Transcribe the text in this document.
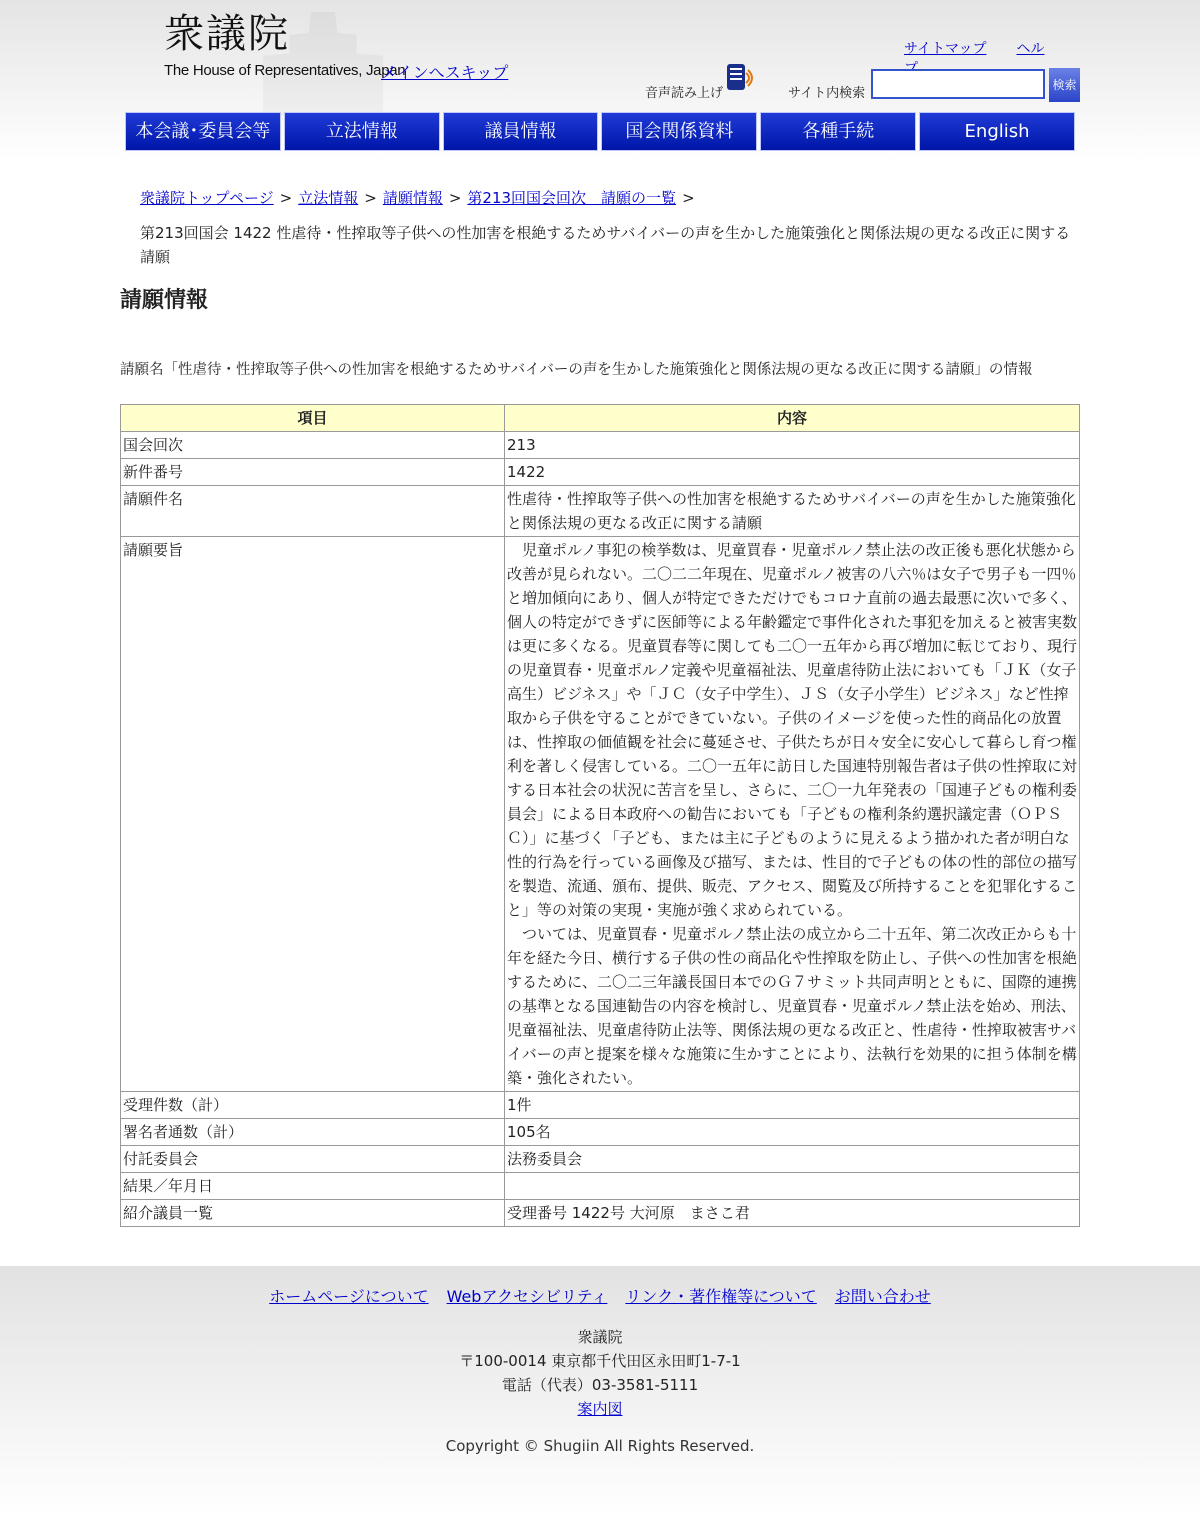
衆議院
The House of Representatives, Japan
メインへスキップ
サイトマップ ヘル
音声読み上げ	サイト内検索
検索
本会議･委員会等	立法情報	議員情報	国会関係資料	各種手続	English
衆議院トップページ > 立法情報 > 請願情報 > 第213回国会回次　請願の一覧 >
第213回国会 1422 性虐待・性搾取等子供への性加害を根絶するためサバイバーの声を生かした施策強化と関係法規の更なる改正に関する請願
請願情報
請願名「性虐待・性搾取等子供への性加害を根絶するためサバイバーの声を生かした施策強化と関係法規の更なる改正に関する請願」の情報
項目	内容
国会回次	213
新件番号	1422
請願件名	性虐待・性搾取等子供への性加害を根絶するためサバイバーの声を生かした施策強化と関係法規の更なる改正に関する請願
請願要旨	　児童ポルノ事犯の検挙数は、児童買春・児童ポルノ禁止法の改正後も悪化状態から改善が見られない。二〇二二年現在、児童ポルノ被害の八六％は女子で男子も一四％と増加傾向にあり、個人が特定できただけでもコロナ直前の過去最悪に次いで多く、個人の特定ができずに医師等による年齢鑑定で事件化された事犯を加えると被害実数は更に多くなる。児童買春等に関しても二〇一五年から再び増加に転じており、現行の児童買春・児童ポルノ定義や児童福祉法、児童虐待防止法においても「ＪＫ（女子高生）ビジネス」や「ＪＣ（女子中学生）、ＪＳ（女子小学生）ビジネス」など性搾取から子供を守ることができていない。子供のイメージを使った性的商品化の放置は、性搾取の価値観を社会に蔓延させ、子供たちが日々安全に安心して暮らし育つ権利を著しく侵害している。二〇一五年に訪日した国連特別報告者は子供の性搾取に対する日本社会の状況に苦言を呈し、さらに、二〇一九年発表の「国連子どもの権利委員会」による日本政府への勧告においても「子どもの権利条約選択議定書（ＯＰＳＣ）」に基づく「子ども、または主に子どものように見えるよう描かれた者が明白な性的行為を行っている画像及び描写、または、性目的で子どもの体の性的部位の描写を製造、流通、頒布、提供、販売、アクセス、閲覧及び所持することを犯罪化すること」等の対策の実現・実施が強く求められている。
　ついては、児童買春・児童ポルノ禁止法の成立から二十五年、第二次改正からも十年を経た今日、横行する子供の性の商品化や性搾取を防止し、子供への性加害を根絶するために、二〇二三年議長国日本でのＧ７サミット共同声明とともに、国際的連携の基準となる国連勧告の内容を検討し、児童買春・児童ポルノ禁止法を始め、刑法、児童福祉法、児童虐待防止法等、関係法規の更なる改正と、性虐待・性搾取被害サバイバーの声と提案を様々な施策に生かすことにより、法執行を効果的に担う体制を構築・強化されたい。
受理件数（計）	1件
署名者通数（計）	105名
付託委員会	法務委員会
結果／年月日	
紹介議員一覧	受理番号 1422号 大河原　まさこ君
ホームページについて Webアクセシビリティ リンク・著作権等について お問い合わせ
衆議院
〒100-0014 東京都千代田区永田町1-7-1
電話（代表）03-3581-5111
案内図
Copyright © Shugiin All Rights Reserved.
